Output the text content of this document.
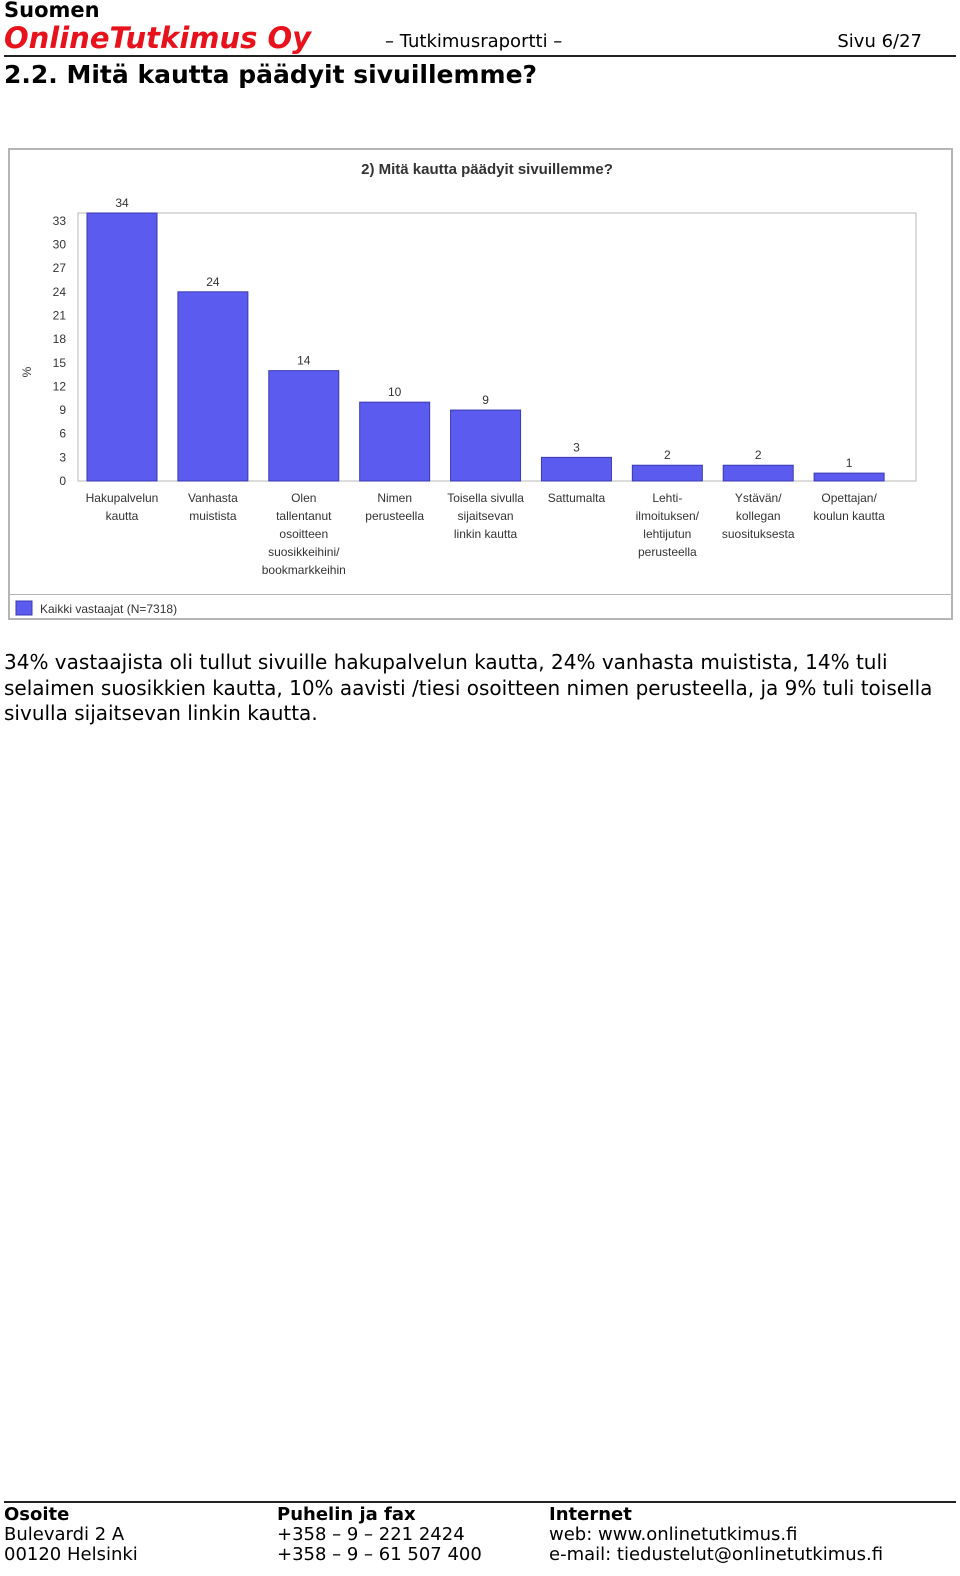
Suomen
OnlineTutkimus Oy	– Tutkimusraportti –	Sivu 6/27
2.2. Mitä kautta päädyit sivuillemme?
2) Mitä kautta päädyit sivuillemme?
0
3
6
9
12
15
18
21
24
27
30
33
%
34
Hakupalvelun
kautta
24
Vanhasta
muistista
14
Olen
tallentanut
osoitteen
suosikkeihini/
bookmarkkeihin
10
Nimen
perusteella
9
Toisella sivulla
sijaitsevan
linkin kautta
3
Sattumalta
2
Lehti-
ilmoituksen/
lehtijutun
perusteella
2
Ystävän/
kollegan
suosituksesta
1
Opettajan/
koulun kautta
Kaikki vastaajat (N=7318)

34% vastaajista oli tullut sivuille hakupalvelun kautta, 24% vanhasta muistista, 14% tuli selaimen suosikkien kautta, 10% aavisti /tiesi osoitteen nimen perusteella, ja 9% tuli toisella sivulla sijaitsevan linkin kautta.

Osoite
Bulevardi 2 A
00120 Helsinki
Puhelin ja fax
+358 – 9 – 221 2424
+358 – 9 – 61 507 400
Internet
web: www.onlinetutkimus.fi
e-mail: tiedustelut@onlinetutkimus.fi
